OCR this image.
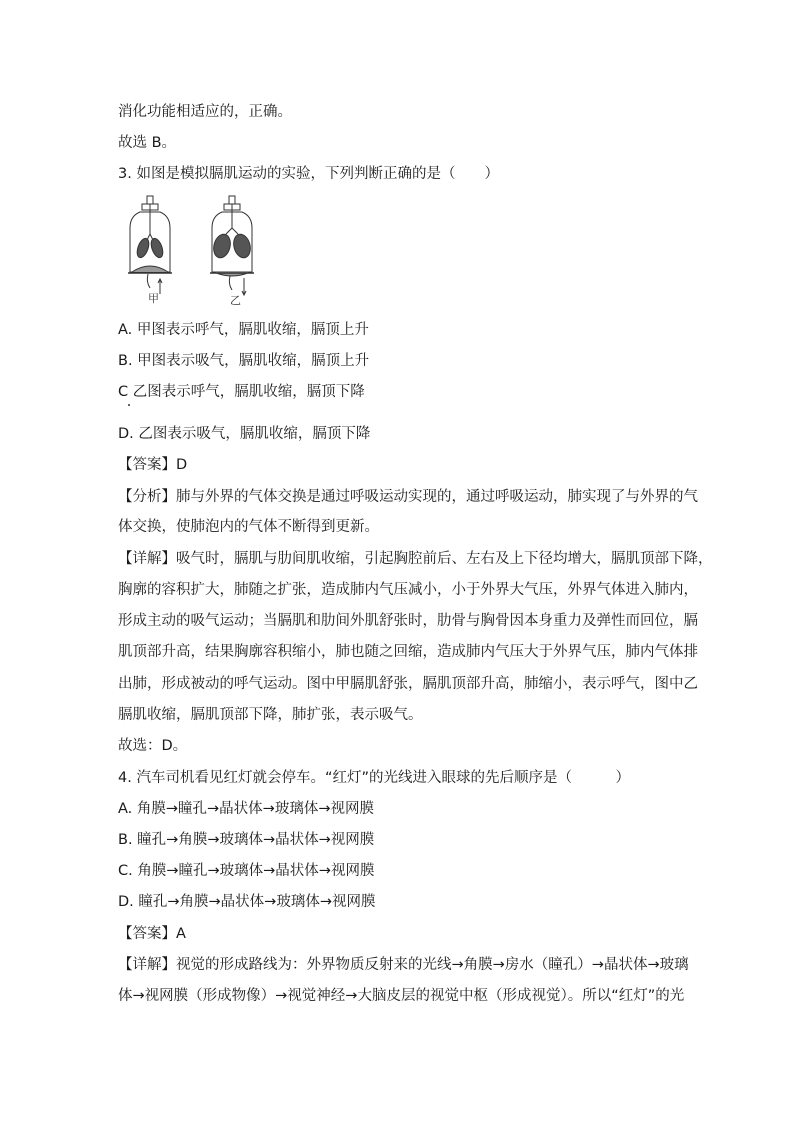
消化功能相适应的，正确。
故选 B。
3. 如图是模拟膈肌运动的实验，下列判断正确的是（　　）
甲	乙
A. 甲图表示呼气，膈肌收缩，膈顶上升
B. 甲图表示吸气，膈肌收缩，膈顶上升
C 乙图表示呼气，膈肌收缩，膈顶下降
D. 乙图表示吸气，膈肌收缩，膈顶下降
【答案】D
【分析】肺与外界的气体交换是通过呼吸运动实现的，通过呼吸运动，肺实现了与外界的气
体交换，使肺泡内的气体不断得到更新。
【详解】吸气时，膈肌与肋间肌收缩，引起胸腔前后、左右及上下径均增大，膈肌顶部下降，
胸廓的容积扩大，肺随之扩张，造成肺内气压减小，小于外界大气压，外界气体进入肺内，
形成主动的吸气运动；当膈肌和肋间外肌舒张时，肋骨与胸骨因本身重力及弹性而回位，膈
肌顶部升高，结果胸廓容积缩小，肺也随之回缩，造成肺内气压大于外界气压，肺内气体排
出肺，形成被动的呼气运动。图中甲膈肌舒张，膈肌顶部升高，肺缩小，表示呼气，图中乙
膈肌收缩，膈肌顶部下降，肺扩张，表示吸气。
故选：D。
4. 汽车司机看见红灯就会停车。“红灯”的光线进入眼球的先后顺序是（　　　）
A. 角膜→瞳孔→晶状体→玻璃体→视网膜
B. 瞳孔→角膜→玻璃体→晶状体→视网膜
C. 角膜→瞳孔→玻璃体→晶状体→视网膜
D. 瞳孔→角膜→晶状体→玻璃体→视网膜
【答案】A
【详解】视觉的形成路线为：外界物质反射来的光线→角膜→房水（瞳孔）→晶状体→玻璃
体→视网膜（形成物像）→视觉神经→大脑皮层的视觉中枢（形成视觉）。所以“红灯”的光
